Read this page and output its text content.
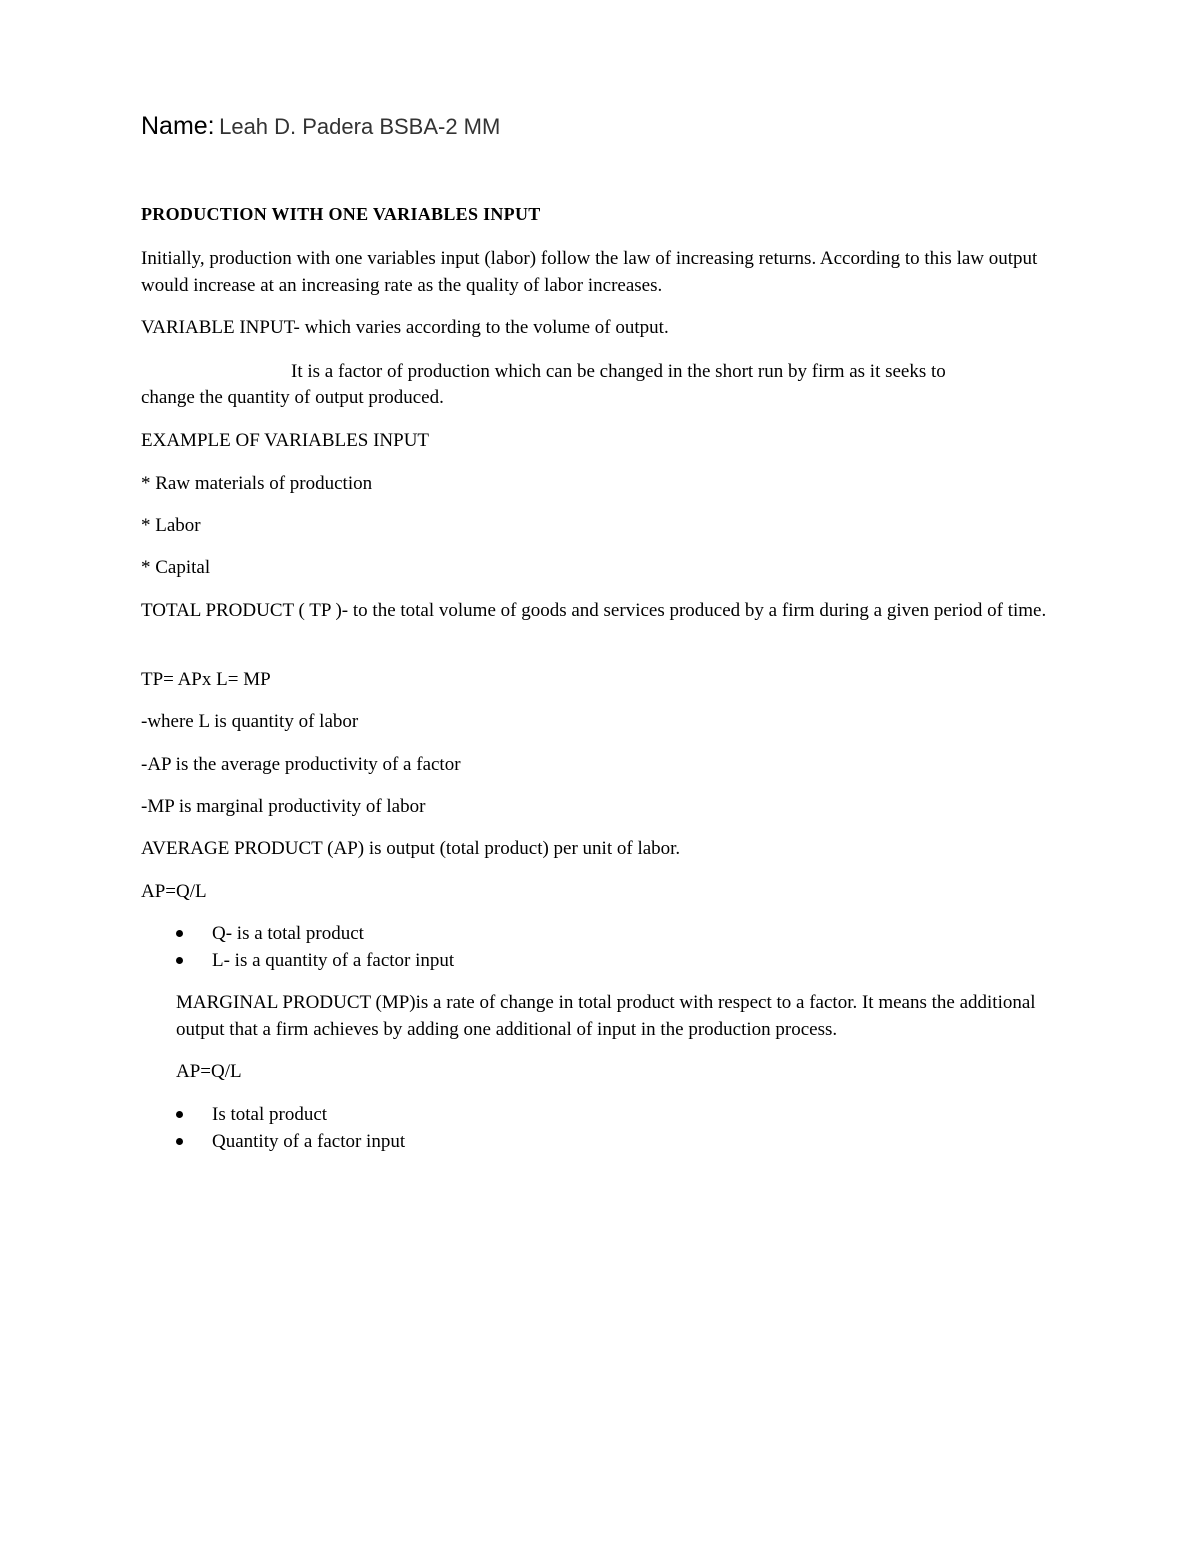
Name: Leah D. Padera BSBA-2 MM
PRODUCTION WITH ONE VARIABLES INPUT
Initially, production with one variables input (labor) follow the law of increasing returns. According to this law output would increase at an increasing rate as the quality of labor increases.
VARIABLE INPUT- which varies according to the volume of output.
It is a factor of production which can be changed in the short run by firm as it seeks to
change the quantity of output produced.
EXAMPLE OF VARIABLES INPUT
* Raw materials of production
* Labor
* Capital
TOTAL PRODUCT ( TP )- to the total volume of goods and services produced by a firm during a given period of time.
TP= APx L= MP
-where L is quantity of labor
-AP is the average productivity of a factor
-MP is marginal productivity of labor
AVERAGE PRODUCT (AP) is output (total product) per unit of labor.
AP=Q/L
Q- is a total product
L- is a quantity of a factor input
MARGINAL PRODUCT (MP)is a rate of change in total product with respect to a factor. It means the additional output that a firm achieves by adding one additional of input in the production process.
AP=Q/L
Is total product
Quantity of a factor input
